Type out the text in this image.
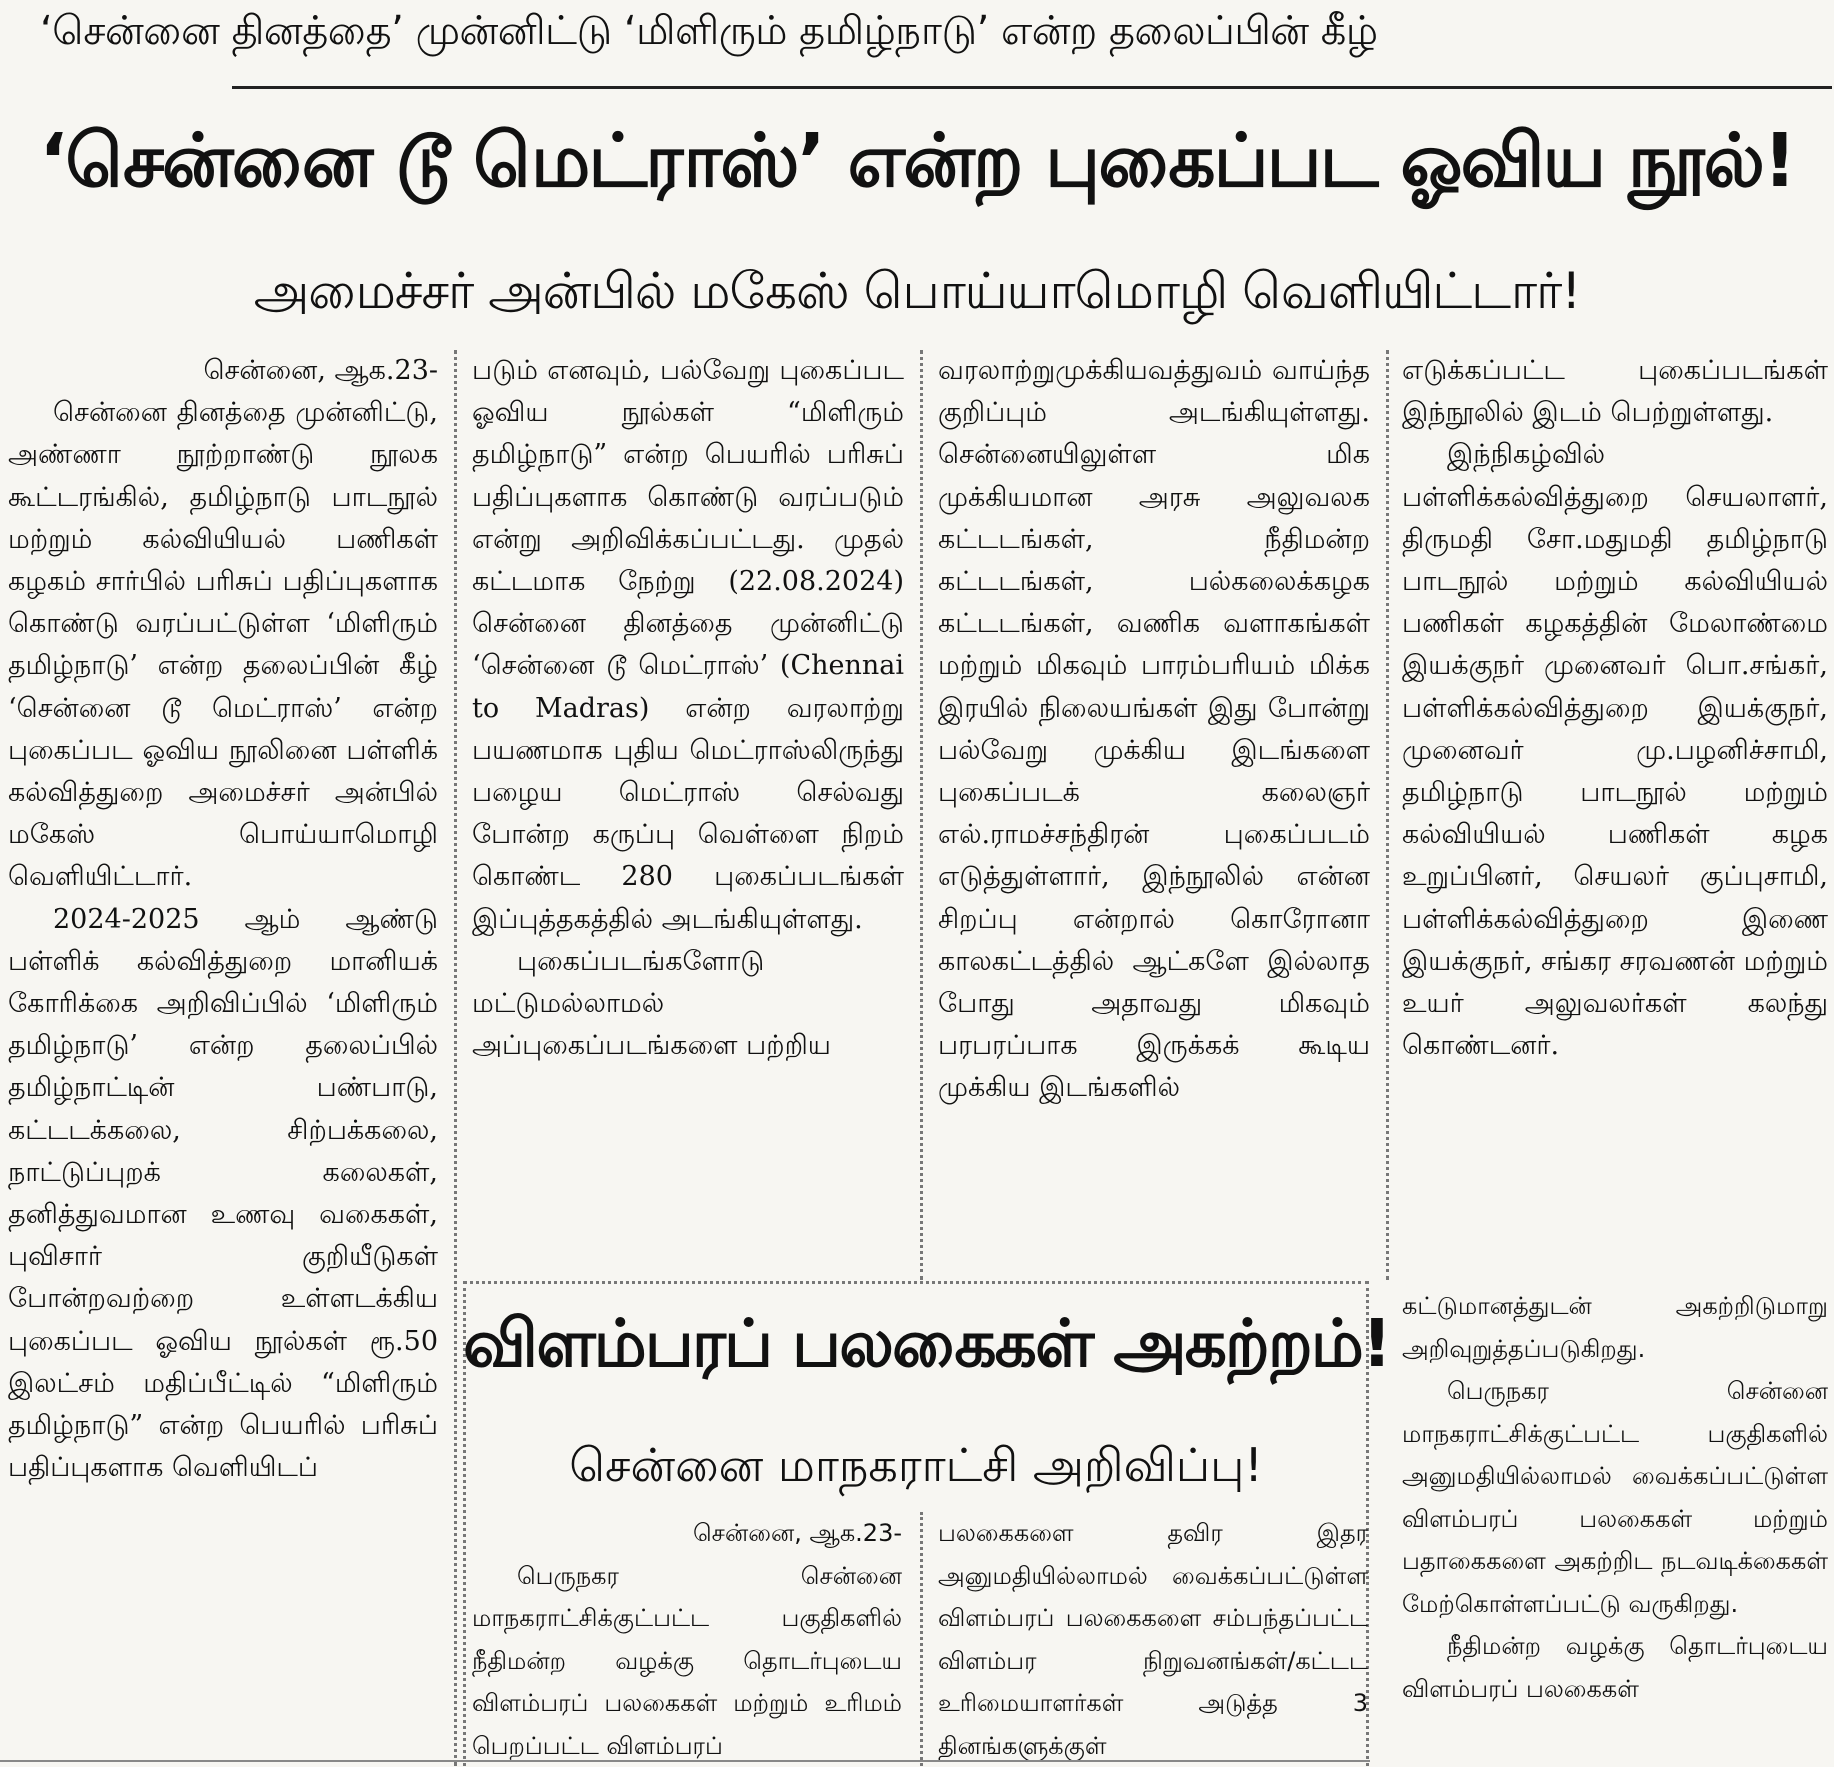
‘சென்னை தினத்தை’ முன்னிட்டு ‘மிளிரும் தமிழ்நாடு’ என்ற தலைப்பின் கீழ்
‘சென்னை டூ மெட்ராஸ்’ என்ற புகைப்பட ஓவிய நூல்!
அமைச்சர் அன்பில் மகேஸ் பொய்யாமொழி வெளியிட்டார்!

சென்னை, ஆக.23-

சென்னை தினத்தை முன்னிட்டு, அண்ணா நூற்றாண்டு நூலக கூட்டரங்கில், தமிழ்நாடு பாடநூல் மற்றும் கல்வியியல் பணிகள் கழகம் சார்பில் பரிசுப் பதிப்புகளாக கொண்டு வரப்பட்டுள்ள ‘மிளிரும் தமிழ்நாடு’ என்ற தலைப்பின் கீழ் ‘சென்னை டூ மெட்ராஸ்’ என்ற புகைப்பட ஓவிய நூலினை பள்ளிக் கல்வித்துறை அமைச்சர் அன்பில் மகேஸ் பொய்யாமொழி வெளியிட்டார்.

2024-2025 ஆம் ஆண்டு பள்ளிக் கல்வித்துறை மானியக் கோரிக்கை அறிவிப்பில் ‘மிளிரும் தமிழ்நாடு’ என்ற தலைப்பில் தமிழ்நாட்டின் பண்பாடு, கட்டடக்கலை, சிற்பக்கலை, நாட்டுப்புறக் கலைகள், தனித்துவமான உணவு வகைகள், புவிசார் குறியீடுகள் போன்றவற்றை உள்ளடக்கிய புகைப்பட ஓவிய நூல்கள் ரூ.50 இலட்சம் மதிப்பீட்டில் “மிளிரும் தமிழ்நாடு” என்ற பெயரில் பரிசுப் பதிப்புகளாக வெளியிடப்

படும் எனவும், பல்வேறு புகைப்பட ஓவிய நூல்கள் “மிளிரும் தமிழ்நாடு” என்ற பெயரில் பரிசுப் பதிப்புகளாக கொண்டு வரப்படும் என்று அறிவிக்கப்பட்டது. முதல் கட்டமாக நேற்று (22.08.2024) சென்னை தினத்தை முன்னிட்டு ‘சென்னை டூ மெட்ராஸ்’ (Chennai to Madras) என்ற வரலாற்று பயணமாக புதிய மெட்ராஸ்லிருந்து பழைய மெட்ராஸ் செல்வது போன்ற கருப்பு வெள்ளை நிறம் கொண்ட 280 புகைப்படங்கள் இப்புத்தகத்தில் அடங்கியுள்ளது.

புகைப்படங்களோடு மட்டுமல்லாமல் அப்புகைப்படங்களை பற்றிய

வரலாற்றுமுக்கியவத்துவம் வாய்ந்த குறிப்பும் அடங்கியுள்ளது. சென்னையிலுள்ள மிக முக்கியமான அரசு அலுவலக கட்டடங்கள், நீதிமன்ற கட்டடங்கள், பல்கலைக்கழக கட்டடங்கள், வணிக வளாகங்கள் மற்றும் மிகவும் பாரம்பரியம் மிக்க இரயில் நிலையங்கள் இது போன்று பல்வேறு முக்கிய இடங்களை புகைப்படக் கலைஞர் எல்.ராமச்சந்திரன் புகைப்படம் எடுத்துள்ளார், இந்நூலில் என்ன சிறப்பு என்றால் கொரோனா காலகட்டத்தில் ஆட்களே இல்லாத போது அதாவது மிகவும் பரபரப்பாக இருக்கக் கூடிய முக்கிய இடங்களில்

எடுக்கப்பட்ட புகைப்படங்கள் இந்நூலில் இடம் பெற்றுள்ளது.

இந்நிகழ்வில் பள்ளிக்கல்வித்துறை செயலாளர், திருமதி சோ.மதுமதி தமிழ்நாடு பாடநூல் மற்றும் கல்வியியல் பணிகள் கழகத்தின் மேலாண்மை இயக்குநர் முனைவர் பொ.சங்கர், பள்ளிக்கல்வித்துறை இயக்குநர், முனைவர் மு.பழனிச்சாமி, தமிழ்நாடு பாடநூல் மற்றும் கல்வியியல் பணிகள் கழக உறுப்பினர், செயலர் குப்புசாமி, பள்ளிக்கல்வித்துறை இணை இயக்குநர், சங்கர சரவணன் மற்றும் உயர் அலுவலர்கள் கலந்து கொண்டனர்.

விளம்பரப் பலகைகள் அகற்றம்!
சென்னை மாநகராட்சி அறிவிப்பு!

சென்னை, ஆக.23-

பெருநகர சென்னை மாநகராட்சிக்குட்பட்ட பகுதிகளில் நீதிமன்ற வழக்கு தொடர்புடைய விளம்பரப் பலகைகள் மற்றும் உரிமம் பெறப்பட்ட விளம்பரப்

பலகைகளை தவிர இதர அனுமதியில்லாமல் வைக்கப்பட்டுள்ள விளம்பரப் பலகைகளை சம்பந்தப்பட்ட விளம்பர நிறுவனங்கள்/கட்டட உரிமையாளர்கள் அடுத்த 3 தினங்களுக்குள்

கட்டுமானத்துடன் அகற்றிடுமாறு அறிவுறுத்தப்படுகிறது.

பெருநகர சென்னை மாநகராட்சிக்குட்பட்ட பகுதிகளில் அனுமதியில்லாமல் வைக்கப்பட்டுள்ள விளம்பரப் பலகைகள் மற்றும் பதாகைகளை அகற்றிட நடவடிக்கைகள் மேற்கொள்ளப்பட்டு வருகிறது.

நீதிமன்ற வழக்கு தொடர்புடைய விளம்பரப் பலகைகள்
